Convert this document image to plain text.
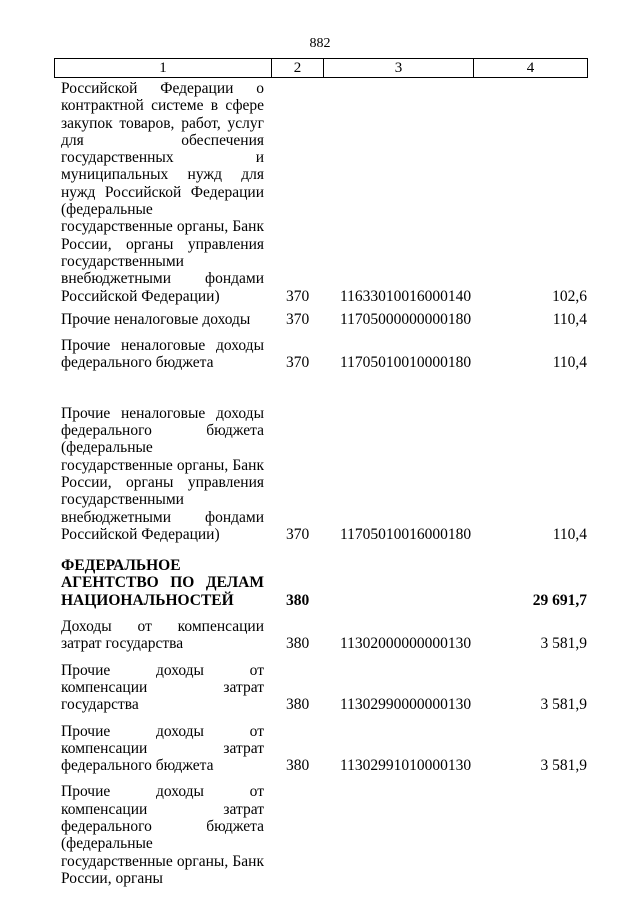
882
1	2	3	4
Российской Федерации о контрактной системе в сфере закупок товаров, работ, услуг для обеспечения государственных и муниципальных нужд для нужд Российской Федерации (федеральные государственные органы, Банк России, органы управления государственными внебюджетными фондами Российской Федерации)	370 11633010016000140	102,6
Прочие неналоговые доходы	370 11705000000000180	110,4
Прочие неналоговые доходы федерального бюджета	370 11705010010000180	110,4
Прочие неналоговые доходы федерального бюджета (федеральные государственные органы, Банк России, органы управления государственными внебюджетными фондами Российской Федерации)	370 11705010016000180	110,4
ФЕДЕРАЛЬНОЕ АГЕНТСТВО ПО ДЕЛАМ НАЦИОНАЛЬНОСТЕЙ	380	29 691,7
Доходы от компенсации затрат государства	380 11302000000000130	3 581,9
Прочие доходы от компенсации затрат государства	380 11302990000000130	3 581,9
Прочие доходы от компенсации затрат федерального бюджета	380 11302991010000130	3 581,9
Прочие доходы от компенсации затрат федерального бюджета (федеральные государственные органы, Банк России, органы
